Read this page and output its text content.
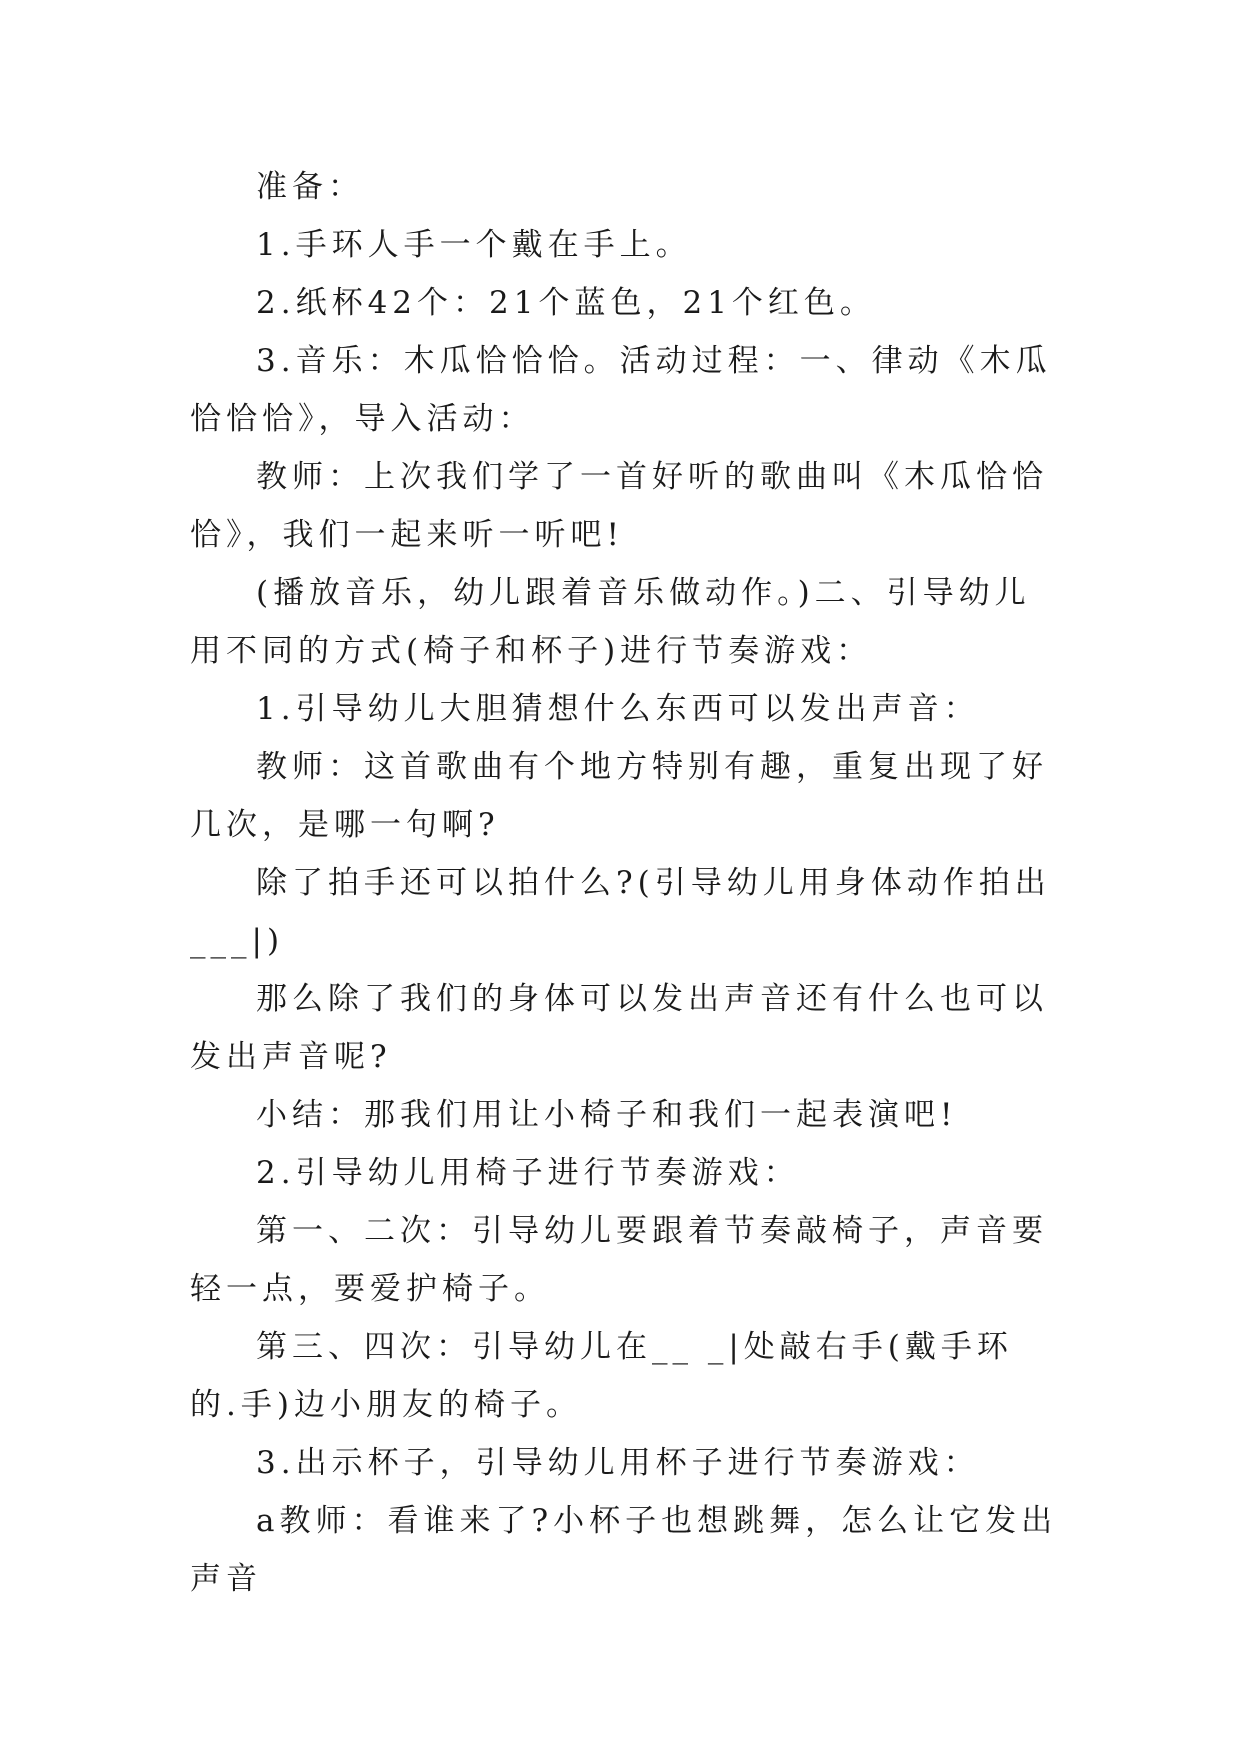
准备：

1.手环人手一个戴在手上。

2.纸杯42个：21个蓝色，21个红色。

3.音乐：木瓜恰恰恰。活动过程：一、律动《木瓜恰恰恰》，导入活动：

教师：上次我们学了一首好听的歌曲叫《木瓜恰恰恰》，我们一起来听一听吧!

(播放音乐，幼儿跟着音乐做动作。)二、引导幼儿用不同的方式(椅子和杯子)进行节奏游戏：

1.引导幼儿大胆猜想什么东西可以发出声音：

教师：这首歌曲有个地方特别有趣，重复出现了好几次，是哪一句啊?

除了拍手还可以拍什么?(引导幼儿用身体动作拍出___|)

那么除了我们的身体可以发出声音还有什么也可以发出声音呢?

小结：那我们用让小椅子和我们一起表演吧!

2.引导幼儿用椅子进行节奏游戏：

第一、二次：引导幼儿要跟着节奏敲椅子，声音要轻一点，要爱护椅子。

第三、四次：引导幼儿在__ _|处敲右手(戴手环的.手)边小朋友的椅子。

3.出示杯子，引导幼儿用杯子进行节奏游戏：

a教师：看谁来了?小杯子也想跳舞，怎么让它发出声音
